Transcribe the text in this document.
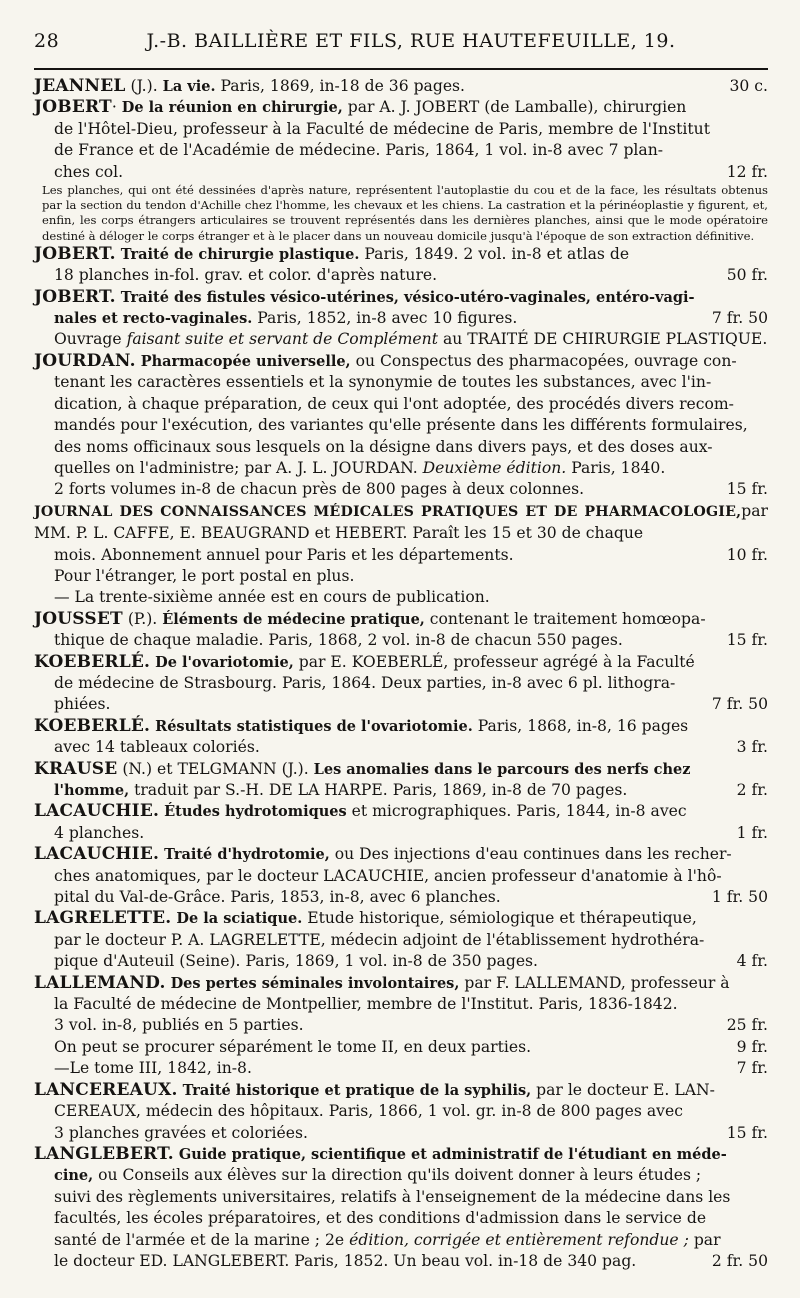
28	J.-B. BAILLIÈRE ET FILS, RUE HAUTEFEUILLE, 19.
30 c.
JEANNEL (J.). La vie. Paris, 1869, in-18 de 36 pages.
JOBERT· De la réunion en chirurgie, par A. J. JOBERT (de Lamballe), chirurgien
de l'Hôtel-Dieu, professeur à la Faculté de médecine de Paris, membre de l'Institut
de France et de l'Académie de médecine. Paris, 1864, 1 vol. in-8 avec 7 plan-
12 fr.
ches col.
Les planches, qui ont été dessinées d'après nature, représentent l'autoplastie du cou et de la face, les résultats obtenus par la section du tendon d'Achille chez l'homme, les chevaux et les chiens. La castration et la périnéoplastie y figurent, et, enfin, les corps étrangers articulaires se trouvent représentés dans les dernières planches, ainsi que le mode opératoire destiné à déloger le corps étranger et à le placer dans un nouveau domicile jusqu'à l'époque de son extraction définitive.
JOBERT. Traité de chirurgie plastique. Paris, 1849. 2 vol. in-8 et atlas de
50 fr.
18 planches in-fol. grav. et color. d'après nature.
JOBERT. Traité des fistules vésico-utérines, vésico-utéro-vaginales, entéro-vagi-
7 fr. 50
nales et recto-vaginales. Paris, 1852, in-8 avec 10 figures.
Ouvrage faisant suite et servant de Complément au TRAITÉ DE CHIRURGIE PLASTIQUE.
JOURDAN. Pharmacopée universelle, ou Conspectus des pharmacopées, ouvrage con-
tenant les caractères essentiels et la synonymie de toutes les substances, avec l'in-
dication, à chaque préparation, de ceux qui l'ont adoptée, des procédés divers recom-
mandés pour l'exécution, des variantes qu'elle présente dans les différents formulaires,
des noms officinaux sous lesquels on la désigne dans divers pays, et des doses aux-
quelles on l'administre; par A. J. L. JOURDAN. Deuxième édition. Paris, 1840.
15 fr.
2 forts volumes in-8 de chacun près de 800 pages à deux colonnes.
JOURNAL DES CONNAISSANCES MÉDICALES PRATIQUES ET DE PHARMACOLOGIE,par MM. P. L. CAFFE, E. BEAUGRAND et HEBERT. Paraît les 15 et 30 de chaque
10 fr.
mois. Abonnement annuel pour Paris et les départements.
Pour l'étranger, le port postal en plus.
— La trente-sixième année est en cours de publication.
JOUSSET (P.). Éléments de médecine pratique, contenant le traitement homœopa-
15 fr.
thique de chaque maladie. Paris, 1868, 2 vol. in-8 de chacun 550 pages.
KOEBERLÉ. De l'ovariotomie, par E. KOEBERLÉ, professeur agrégé à la Faculté
de médecine de Strasbourg. Paris, 1864. Deux parties, in-8 avec 6 pl. lithogra-
7 fr. 50
phiées.
KOEBERLÉ. Résultats statistiques de l'ovariotomie. Paris, 1868, in-8, 16 pages
3 fr.
avec 14 tableaux coloriés.
KRAUSE (N.) et TELGMANN (J.). Les anomalies dans le parcours des nerfs chez
2 fr.
l'homme, traduit par S.-H. DE LA HARPE. Paris, 1869, in-8 de 70 pages.
LACAUCHIE. Études hydrotomiques et micrographiques. Paris, 1844, in-8 avec
1 fr.
4 planches.
LACAUCHIE. Traité d'hydrotomie, ou Des injections d'eau continues dans les recher-
ches anatomiques, par le docteur LACAUCHIE, ancien professeur d'anatomie à l'hô-
1 fr. 50
pital du Val-de-Grâce. Paris, 1853, in-8, avec 6 planches.
LAGRELETTE. De la sciatique. Etude historique, sémiologique et thérapeutique,
par le docteur P. A. LAGRELETTE, médecin adjoint de l'établissement hydrothéra-
4 fr.
pique d'Auteuil (Seine). Paris, 1869, 1 vol. in-8 de 350 pages.
LALLEMAND. Des pertes séminales involontaires, par F. LALLEMAND, professeur à
la Faculté de médecine de Montpellier, membre de l'Institut. Paris, 1836-1842.
25 fr.
3 vol. in-8, publiés en 5 parties.
9 fr.
On peut se procurer séparément le tome II, en deux parties.
7 fr.
—Le tome III, 1842, in-8.
LANCEREAUX. Traité historique et pratique de la syphilis, par le docteur E. LAN-
CEREAUX, médecin des hôpitaux. Paris, 1866, 1 vol. gr. in-8 de 800 pages avec
15 fr.
3 planches gravées et coloriées.
LANGLEBERT. Guide pratique, scientifique et administratif de l'étudiant en méde-
cine, ou Conseils aux élèves sur la direction qu'ils doivent donner à leurs études ;
suivi des règlements universitaires, relatifs à l'enseignement de la médecine dans les
facultés, les écoles préparatoires, et des conditions d'admission dans le service de
santé de l'armée et de la marine ; 2e édition, corrigée et entièrement refondue ; par
2 fr. 50
le docteur ED. LANGLEBERT. Paris, 1852. Un beau vol. in-18 de 340 pag.
